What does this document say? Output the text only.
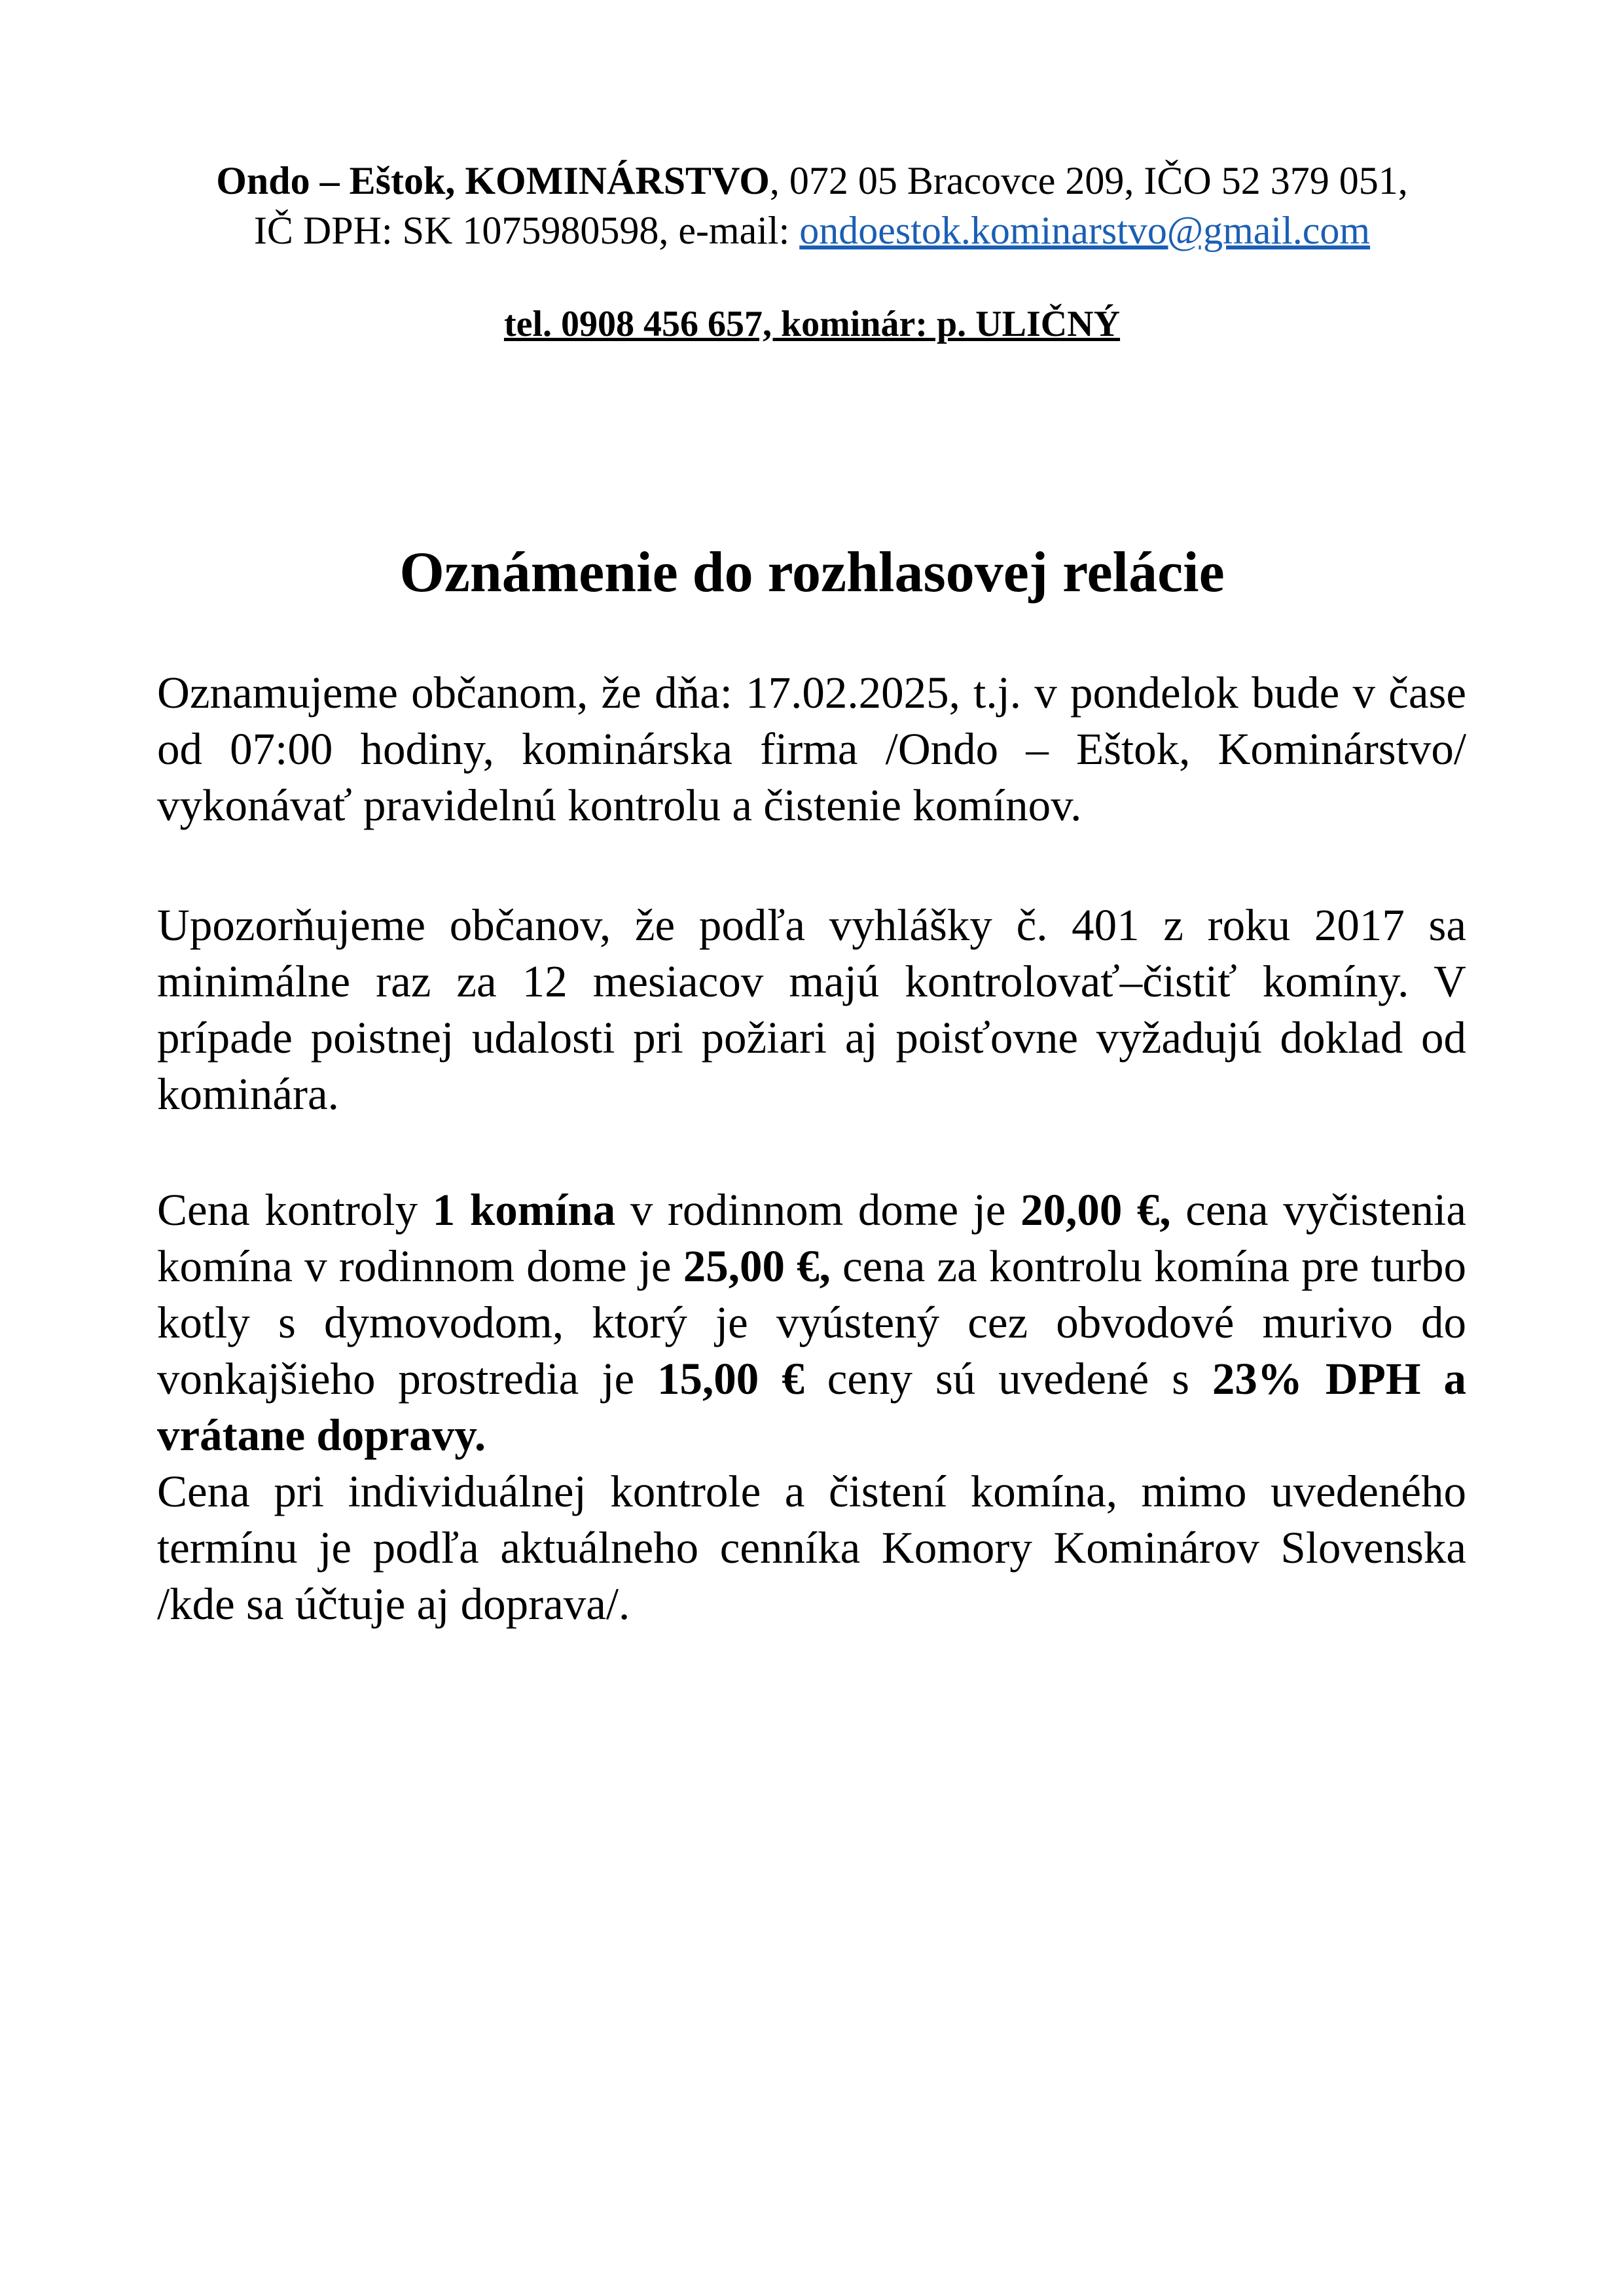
Ondo – Eštok, KOMINÁRSTVO, 072 05 Bracovce 209, IČO 52 379 051,
IČ DPH: SK 1075980598, e-mail: ondoestok.kominarstvo@gmail.com
tel. 0908 456 657, kominár: p. ULIČNÝ
Oznámenie do rozhlasovej relácie
Oznamujeme občanom, že dňa: 17.02.2025, t.j. v pondelok bude v čase od 07:00 hodiny, kominárska firma /Ondo – Eštok, Kominárstvo/ vykonávať pravidelnú kontrolu a čistenie komínov.
Upozorňujeme občanov, že podľa vyhlášky č. 401 z roku 2017 sa minimálne raz za 12 mesiacov majú kontrolovať–čistiť komíny. V prípade poistnej udalosti pri požiari aj poisťovne vyžadujú doklad od kominára.
Cena kontroly 1 komína v rodinnom dome je 20,00 €, cena vyčistenia komína v rodinnom dome je 25,00 €, cena za kontrolu komína pre turbo kotly s dymovodom, ktorý je vyústený cez obvodové murivo do vonkajšieho prostredia je 15,00 € ceny sú uvedené s 23% DPH a vrátane dopravy.
Cena pri individuálnej kontrole a čistení komína, mimo uvedeného termínu je podľa aktuálneho cenníka Komory Kominárov Slovenska /kde sa účtuje aj doprava/.
